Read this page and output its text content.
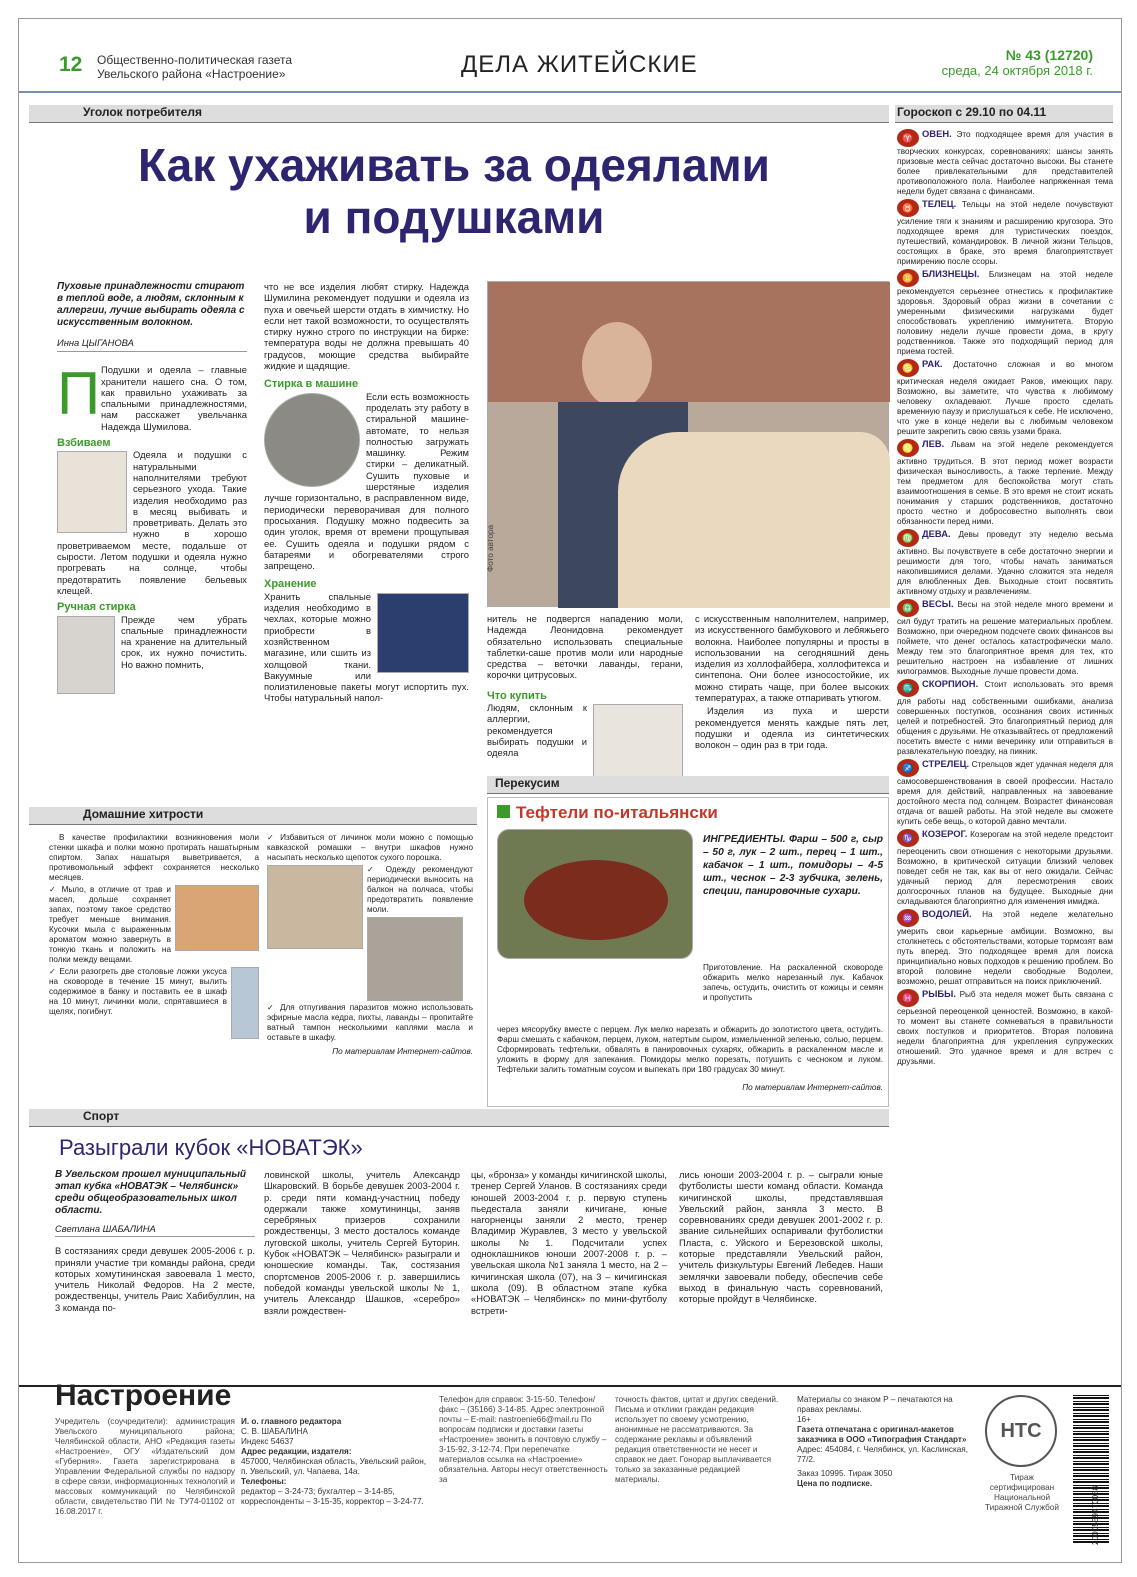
12 Общественно-политическая газета
Увельского района «Настроение»	ДЕЛА ЖИТЕЙСКИЕ	№ 43 (12720)
среда, 24 октября 2018 г.
Уголок потребителя	Гороскоп с 29.10 по 04.11
Как ухаживать за одеялами
и подушками
Пуховые принадлежности стирают в теплой воде, а людям, склонным к аллергии, лучше выбирать одеяла с искусственным волокном.
Инна ЦЫГАНОВА
П Подушки и одеяла – главные хранители нашего сна. О том, как правильно ухаживать за спальными принадлежностями, нам расскажет увельчанка Надежда Шумилова.
Взбиваем
Одеяла и подушки с натуральными наполнителями требуют серьезного ухода. Такие изделия необходимо раз в месяц выбивать и проветривать. Делать это нужно в хорошо проветриваемом месте, подальше от сырости. Летом подушки и одеяла нужно прогревать на солнце, чтобы предотвратить появление бельевых клещей.
Ручная стирка
Прежде чем убрать спальные принадлежности на хранение на длительный срок, их нужно почистить. Но важно помнить,
что не все изделия любят стирку. Надежда Шумилина рекомендует подушки и одеяла из пуха и овечьей шерсти отдать в химчистку. Но если нет такой возможности, то осуществлять стирку нужно строго по инструкции на бирке: температура воды не должна превышать 40 градусов, моющие средства выбирайте жидкие и щадящие.
Стирка в машине
Если есть возможность проделать эту работу в стиральной машине-автомате, то нельзя полностью загружать машинку. Режим стирки – деликатный. Сушить пуховые и шерстяные изделия лучше горизонтально, в расправленном виде, периодически переворачивая для полного просыхания. Подушку можно подвесить за один уголок, время от времени прощупывая ее. Сушить одеяла и подушки рядом с батареями и обогревателями строго запрещено.
Хранение
Хранить спальные изделия необходимо в чехлах, которые можно приобрести в хозяйственном магазине, или сшить из холщовой ткани. Вакуумные или полиэтиленовые пакеты могут испортить пух. Чтобы натуральный напол-
Фото автора
нитель не подвергся нападению моли, Надежда Леонидовна рекомендует обязательно использовать специальные таблетки-саше против моли или народные средства – веточки лаванды, герани, корочки цитрусовых.
Что купить
Людям, склонным к аллергии, рекомендуется выбирать подушки и одеяла
с искусственным наполнителем, например, из искусственного бамбукового и лебяжьего волокна. Наиболее популярны и просты в использовании на сегодняшний день изделия из холлофайбера, холлофитекса и синтепона. Они более износостойкие, их можно стирать чаще, при более высоких температурах, а также отпаривать утюгом.
Изделия из пуха и шерсти рекомендуется менять каждые пять лет, подушки и одеяла из синтетических волокон – один раз в три года.
Домашние хитрости
Перекусим
В качестве профилактики возникновения моли стенки шкафа и полки можно протирать нашатырным спиртом. Запах нашатыря выветривается, а противомольный эффект сохраняется несколько месяцев.
✓ Мыло, в отличие от трав и масел, дольше сохраняет запах, поэтому такое средство требует меньше внимания. Кусочки мыла с выраженным ароматом можно завернуть в тонкую ткань и положить на полки между вещами.
✓ Если разогреть две столовые ложки уксуса на сковороде в течение 15 минут, вылить содержимое в банку и поставить ее в шкаф на 10 минут, личинки моли, спрятавшиеся в щелях, погибнут.
✓ Избавиться от личинок моли можно с помощью кавказской ромашки – внутри шкафов нужно насыпать несколько щепоток сухого порошка.
✓ Одежду рекомендуют периодически выносить на балкон на полчаса, чтобы предотвратить появление моли.
✓ Для отпугивания паразитов можно использовать эфирные масла кедра, пихты, лаванды – пропитайте ватный тампон несколькими каплями масла и оставьте в шкафу.
По материалам Интернет-сайтов.
Тефтели по-итальянски
ИНГРЕДИЕНТЫ. Фарш – 500 г, сыр – 50 г, лук – 2 шт., перец – 1 шт., кабачок – 1 шт., помидоры – 4-5 шт., чеснок – 2-3 зубчика, зелень, специи, панировочные сухари.
Приготовление. На раскаленной сковороде обжарить мелко нарезанный лук. Кабачок запечь, остудить, очистить от кожицы и семян и пропустить
через мясорубку вместе с перцем. Лук мелко нарезать и обжарить до золотистого цвета, остудить. Фарш смешать с кабачком, перцем, луком, натертым сыром, измельченной зеленью, солью, перцем. Сформировать тефтельки, обвалять в панировочных сухарях, обжарить в раскаленном масле и уложить в форму для запекания. Помидоры мелко порезать, потушить с чесноком и луком. Тефтельки залить томатным соусом и выпекать при 180 градусах 30 минут.
По материалам Интернет-сайтов.
Спорт
Разыграли кубок «НОВАТЭК»
В Увельском прошел муниципальный этап кубка «НОВАТЭК – Челябинск» среди общеобразовательных школ области.
Светлана ШАБАЛИНА
В состязаниях среди девушек 2005-2006 г. р. приняли участие три команды района, среди которых хомутининская завоевала 1 место, учитель Николай Федоров. На 2 месте, рождественцы, учитель Раис Хабибуллин, на 3 команда по-
ловинской школы, учитель Александр Шкаровский. В борьбе девушек 2003-2004 г. р. среди пяти команд-участниц победу одержали также хомутининцы, заняв серебряных призеров сохранили рождественцы, 3 место досталось команде луговской школы, учитель Сергей Буторин. Кубок «НОВАТЭК – Челябинск» разыграли и юношеские команды. Так, состязания спортсменов 2005-2006 г. р. завершились победой команды увельской школы № 1, учитель Александр Шашков, «серебро» взяли рождествен-
цы, «бронза» у команды кичигинской школы, тренер Сергей Уланов. В состязаниях среди юношей 2003-2004 г. р. первую ступень пьедестала заняли кичигане, юные нагорненцы заняли 2 место, тренер Владимир Журавлев, 3 место у увельской школы №1. Подсчитали успех одноклашников юноши 2007-2008 г. р. – увельская школа №1 заняла 1 место, на 2 – кичигинская школа (07), на 3 – кичигинская школа (09). В областном этапе кубка «НОВАТЭК – Челябинск» по мини-футболу встрети-
лись юноши 2003-2004 г. р. – сыграли юные футболисты шести команд области. Команда кичигинской школы, представлявшая Увельский район, заняла 3 место. В соревнованиях среди девушек 2001-2002 г. р. звание сильнейших оспаривали футболистки Пласта, с. Уйского и Березовской школы, которые представляли Увельский район, учитель физкультуры Евгений Лебедев. Наши землячки завоевали победу, обеспечив себе выход в финальную часть соревнований, которые пройдут в Челябинске.

♈ ОВЕН. Это подходящее время для участия в творческих конкурсах, соревнованиях: шансы занять призовые места сейчас достаточно высоки. Вы станете более привлекательными для представителей противоположного пола. Наиболее напряженная тема недели будет связана с финансами.

♉ ТЕЛЕЦ. Тельцы на этой неделе почувствуют усиление тяги к знаниям и расширению кругозора. Это подходящее время для туристических поездок, путешествий, командировок. В личной жизни Тельцов, состоящих в браке, это время благоприятствует примирению после ссоры.

♊ БЛИЗНЕЦЫ. Близнецам на этой неделе рекомендуется серьезнее отнестись к профилактике здоровья. Здоровый образ жизни в сочетании с умеренными физическими нагрузками будет способствовать укреплению иммунитета. Вторую половину недели лучше провести дома, в кругу родственников. Также это подходящий период для приема гостей.

♋ РАК. Достаточно сложная и во многом критическая неделя ожидает Раков, имеющих пару. Возможно, вы заметите, что чувства к любимому человеку охладевают. Лучше просто сделать временную паузу и прислушаться к себе. Не исключено, что уже в конце недели вы с любимым человеком решите закрепить свою связь узами брака.

♌ ЛЕВ. Львам на этой неделе рекомендуется активно трудиться. В этот период может возрасти физическая выносливость, а также терпение. Между тем предметом для беспокойства могут стать взаимоотношения в семье. В это время не стоит искать понимания у старших родственников, достаточно просто честно и добросовестно выполнять свои обязанности перед ними.

♍ ДЕВА. Девы проведут эту неделю весьма активно. Вы почувствуете в себе достаточно энергии и решимости для того, чтобы начать заниматься накопившимися делами. Удачно сложится эта неделя для влюбленных Дев. Выходные стоит посвятить активному отдыху и развлечениям.

♎ ВЕСЫ. Весы на этой неделе много времени и сил будут тратить на решение материальных проблем. Возможно, при очередном подсчете своих финансов вы поймете, что денег осталось катастрофически мало. Между тем это благоприятное время для тех, кто решительно настроен на избавление от лишних килограммов. Выходные лучше провести дома.

♏ СКОРПИОН. Стоит использовать это время для работы над собственными ошибками, анализа совершенных поступков, осознания своих истинных целей и потребностей. Это благоприятный период для общения с друзьями. Не отказывайтесь от предложений посетить вместе с ними вечеринку или отправиться в развлекательную поездку, на пикник.

♐ СТРЕЛЕЦ. Стрельцов ждет удачная неделя для самосовершенствования в своей профессии. Настало время для действий, направленных на завоевание достойного места под солнцем. Возрастет финансовая отдача от вашей работы. На этой неделе вы сможете купить себе вещь, о которой давно мечтали.

♑ КОЗЕРОГ. Козерогам на этой неделе предстоит переоценить свои отношения с некоторыми друзьями. Возможно, в критической ситуации близкий человек поведет себя не так, как вы от него ожидали. Сейчас удачный период для пересмотрения своих долгосрочных планов на будущее. Выходные дни складываются благоприятно для изменения имиджа.

♒ ВОДОЛЕЙ. На этой неделе желательно умерить свои карьерные амбиции. Возможно, вы столкнетесь с обстоятельствами, которые тормозят вам путь вперед. Это подходящее время для поиска принципиально новых подходов к решению проблем. Во второй половине недели свободные Водолеи, возможно, решат отправиться на поиск приключений.

♓ РЫБЫ. Рыб эта неделя может быть связана с серьезной переоценкой ценностей. Возможно, в какой-то момент вы станете сомневаться в правильности своих поступков и приоритетов. Вторая половина недели благоприятна для укрепления супружеских отношений. Это удачное время и для встреч с друзьями.

Настроение
Учредитель (соучредители): администрация Увельского муниципального района; Челябинской области, АНО «Редакция газеты «Настроение», ОГУ «Издательский дом «Губерния». Газета зарегистрирована в Управлении Федеральной службы по надзору в сфере связи, информационных технологий и массовых коммуникаций по Челябинской области, свидетельство ПИ № ТУ74-01102 от 16.08.2017 г.
И. о. главного редактора
С. В. ШАБАЛИНА
Индекс 54637
Адрес редакции, издателя:
457000, Челябинская область, Увельский район, п. Увельский, ул. Чапаева, 14а.
Телефоны:
редактор – 3-24-73; бухгалтер – 3-14-85, корреспонденты – 3-15-35, корректор – 3-24-77.
Телефон для справок: 3-15-50. Телефон/факс – (35166) 3-14-85. Адрес электронной почты – E-mail: nastroenie66@mail.ru По вопросам подписки и доставки газеты «Настроение» звонить в почтовую службу – 3-15-92, 3-12-74. При перепечатке материалов ссылка на «Настроение» обязательна. Авторы несут ответственность за
точность фактов, цитат и других сведений. Письма и отклики граждан редакция использует по своему усмотрению, анонимные не рассматриваются. За содержание рекламы и объявлений редакция ответственности не несет и справок не дает. Гонорар выплачивается только за заказанные редакцией материалы.
Материалы со знаком Р – печатаются на правах рекламы.
16+
Газета отпечатана с оригинал-макетов заказчика в ООО «Типография Стандарт»
Адрес: 454084, г. Челябинск, ул. Каслинская, 77/2.
Заказ 10995. Тираж 3050
Цена по подписке.
НТС
Тираж сертифицирован Национальной Тиражной Службой	2000559470088
